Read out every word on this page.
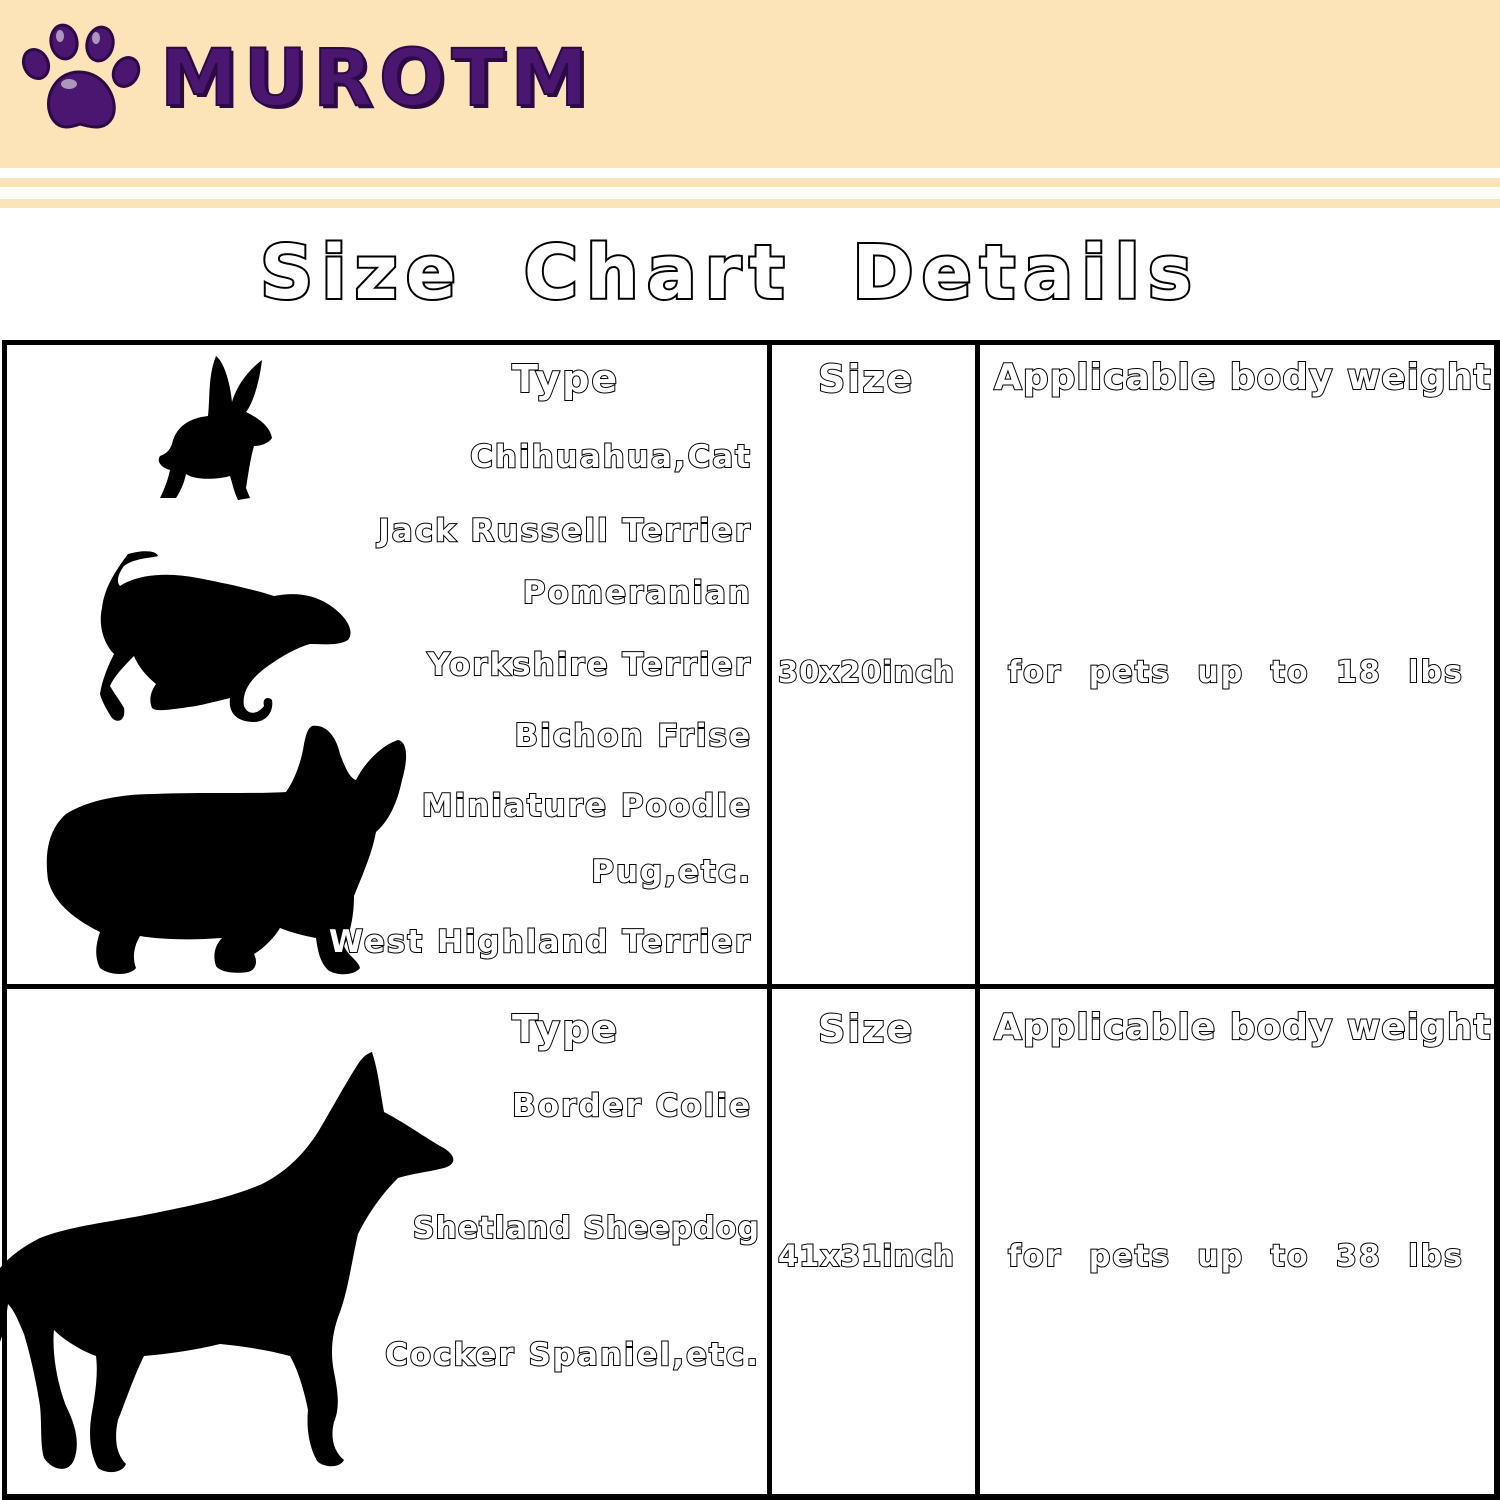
MUROTM
Size Chart Details
Type	Size Applicable body weight
Chihuahua,Cat
Jack Russell Terrier
Pomeranian
Yorkshire Terrier
Bichon Frise
Miniature Poodle
Pug,etc.
West Highland Terrier
30x20inch for pets up to 18 lbs
Type	Size Applicable body weight
Border Colie
Shetland Sheepdog
Cocker Spaniel,etc.
41x31inch for pets up to 38 lbs
